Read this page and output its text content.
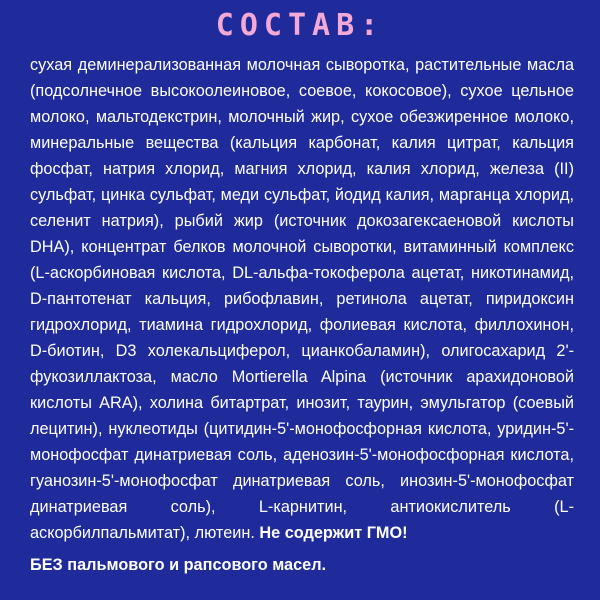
СОСТАВ:

сухая деминерализованная молочная сыворотка, растительные масла (подсолнечное высокоолеиновое, соевое, кокосовое), сухое цельное молоко, мальтодекстрин, молочный жир, сухое обезжиренное молоко, минеральные вещества (кальция карбонат, калия цитрат, кальция фосфат, натрия хлорид, магния хлорид, калия хлорид, железа (II) сульфат, цинка сульфат, меди сульфат, йодид калия, марганца хлорид, селенит натрия), рыбий жир (источник докозагексаеновой кислоты DHA), концентрат белков молочной сыворотки, витаминный комплекс (L-аскорбиновая кислота, DL-альфа-токоферола ацетат, никотинамид, D-пантотенат кальция, рибофлавин, ретинола ацетат, пиридоксин гидрохлорид, тиамина гидрохлорид, фолиевая кислота, филлохинон, D-биотин, D3 холекальциферол, цианкобаламин), олигосахарид 2'-фукозиллактоза, масло Mortierella Alpina (источник арахидоновой кислоты ARA), холина битартрат, инозит, таурин, эмульгатор (соевый лецитин), нуклеотиды (цитидин-5'-монофосфорная кислота, уридин-5'-монофосфат динатриевая соль, аденозин-5'-монофосфорная кислота, гуанозин-5'-монофосфат динатриевая соль, инозин-5'-монофосфат динатриевая соль), L-карнитин, антиокислитель (L-аскорбилпальмитат), лютеин. Не содержит ГМО!

БЕЗ пальмового и рапсового масел.
